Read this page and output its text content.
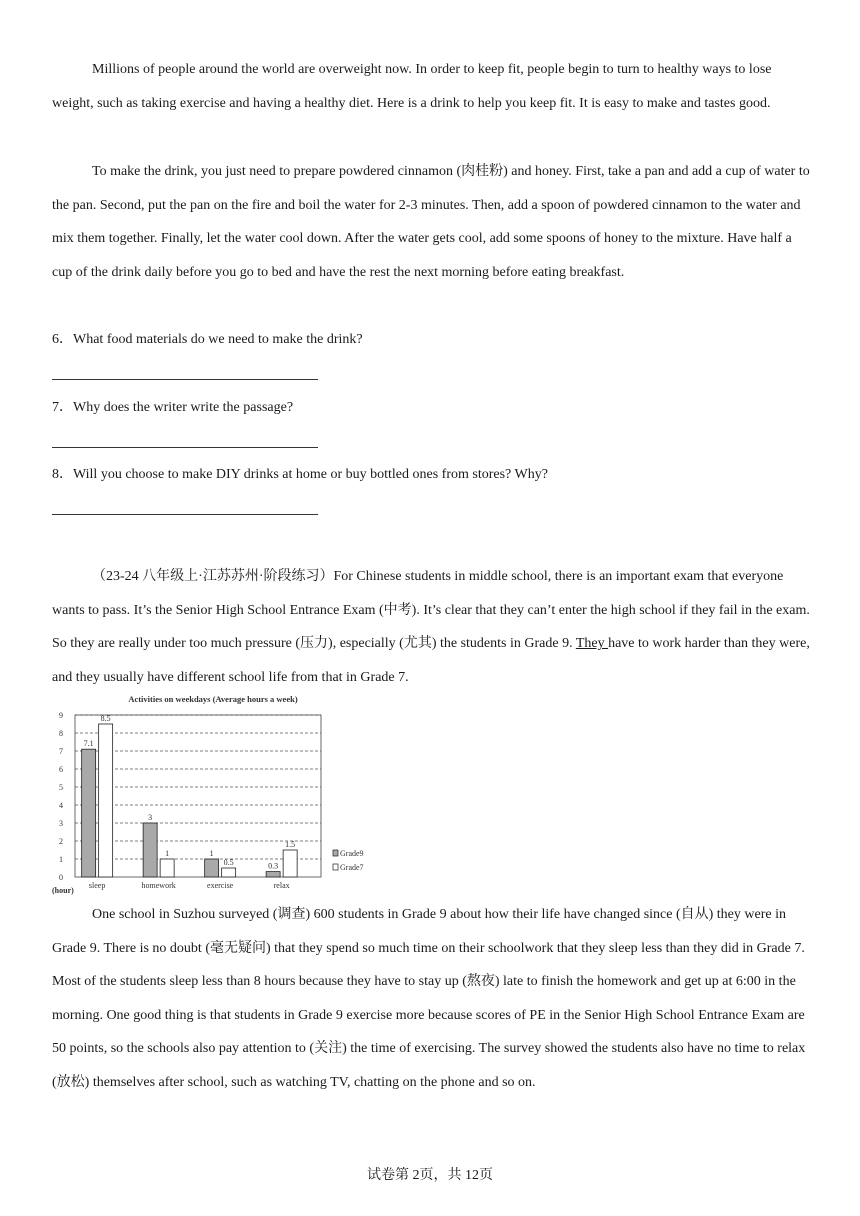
Millions of people around the world are overweight now. In order to keep fit, people begin to turn to healthy ways to lose weight, such as taking exercise and having a healthy diet. Here is a drink to help you keep fit. It is easy to make and tastes good.

To make the drink, you just need to prepare powdered cinnamon (肉桂粉) and honey. First, take a pan and add a cup of water to the pan. Second, put the pan on the fire and boil the water for 2-3 minutes. Then, add a spoon of powdered cinnamon to the water and mix them together. Finally, let the water cool down. After the water gets cool, add some spoons of honey to the mixture. Have half a cup of the drink daily before you go to bed and have the rest the next morning before eating breakfast.

6．What food materials do we need to make the drink?

7．Why does the writer write the passage?

8．Will you choose to make DIY drinks at home or buy bottled ones from stores? Why?

（23-24 八年级上·江苏苏州·阶段练习）For Chinese students in middle school, there is an important exam that everyone wants to pass. It’s the Senior High School Entrance Exam (中考). It’s clear that they can’t enter the high school if they fail in the exam. So they are really under too much pressure (压力), especially (尤其) the students in Grade 9. They have to work harder than they were, and they usually have different school life from that in Grade 7.

Activities on weekdays (Average hours a week)
0
1
2
3
4
5
6
7
8
9
7.1
8.5
sleep
3
1
homework
1
0.5
exercise
0.3
1.5
relax
Grade9
Grade7
(hour)

One school in Suzhou surveyed (调查) 600 students in Grade 9 about how their life have changed since (自从) they were in Grade 9. There is no doubt (毫无疑问) that they spend so much time on their schoolwork that they sleep less than they did in Grade 7. Most of the students sleep less than 8 hours because they have to stay up (熬夜) late to finish the homework and get up at 6:00 in the morning. One good thing is that students in Grade 9 exercise more because scores of PE in the Senior High School Entrance Exam are 50 points, so the schools also pay attention to (关注) the time of exercising. The survey showed the students also have no time to relax (放松) themselves after school, such as watching TV, chatting on the phone and so on.

试卷第 2页，共 12页
